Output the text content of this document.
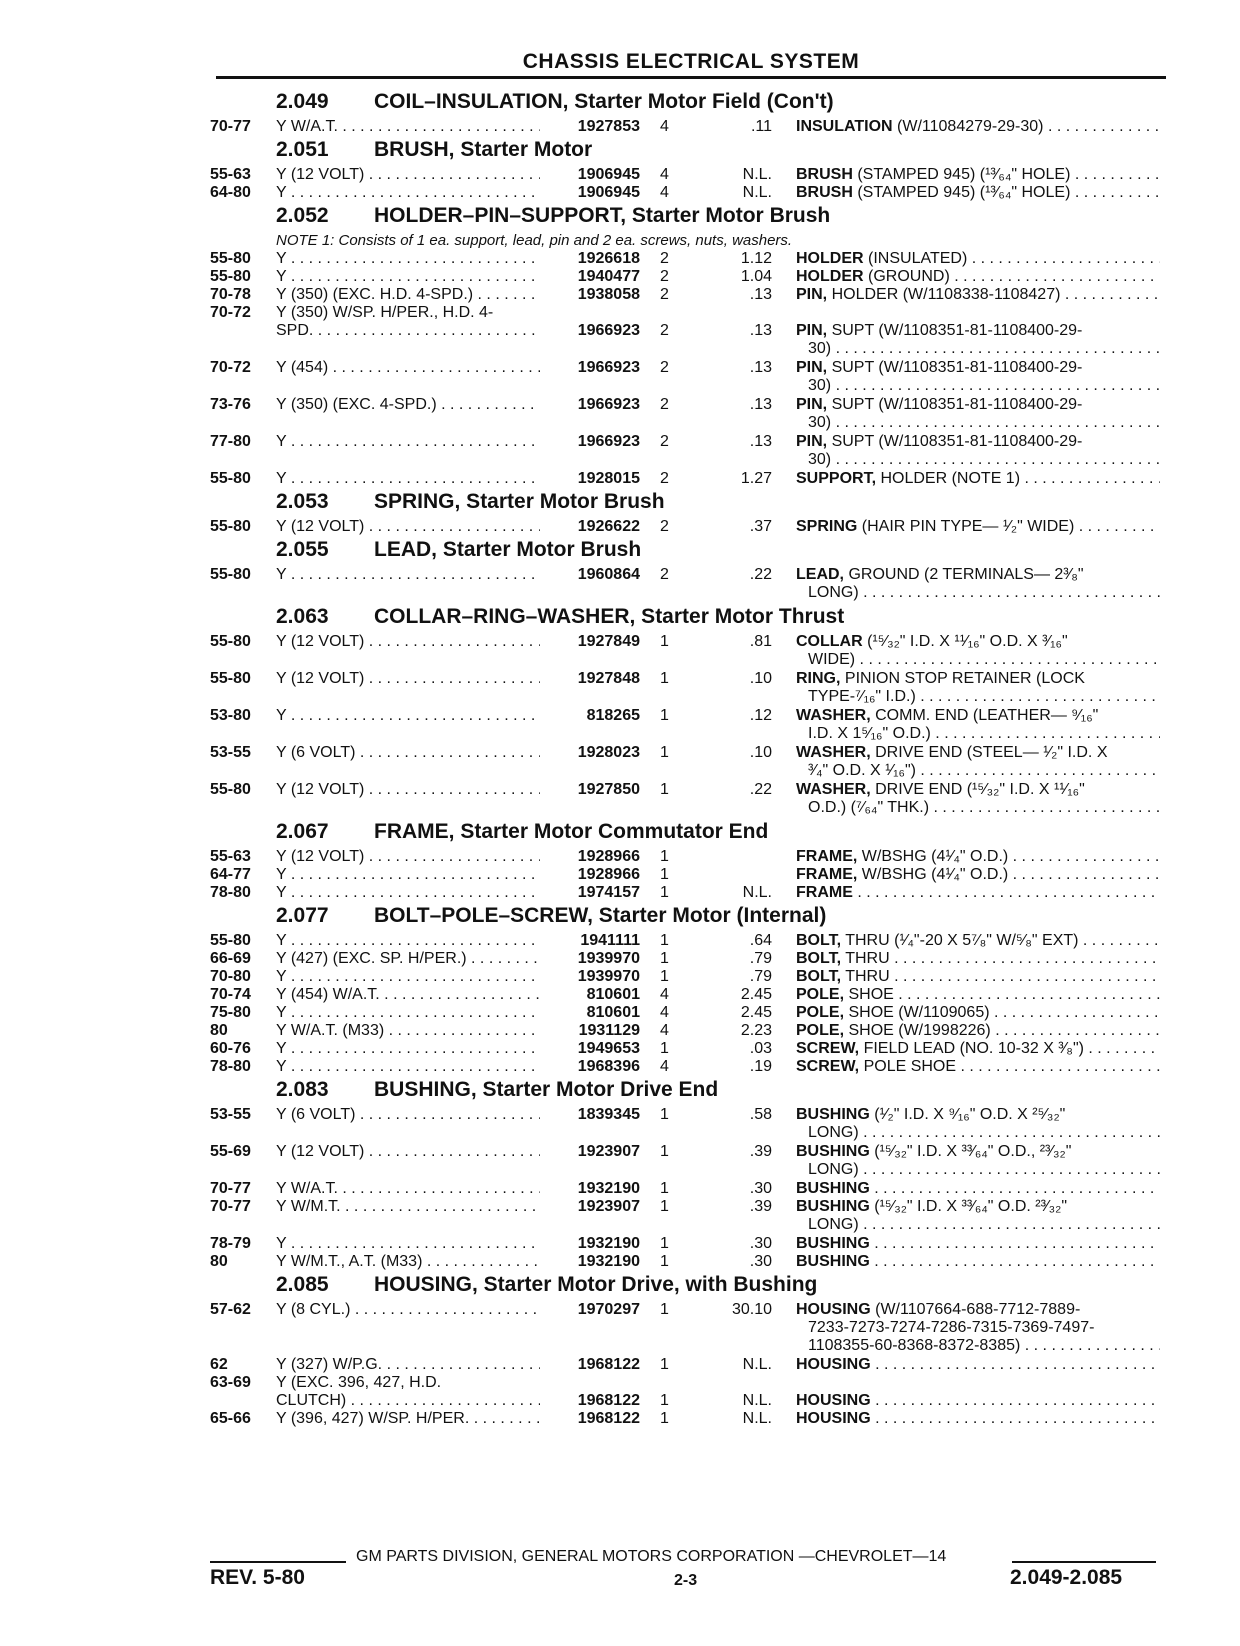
CHASSIS ELECTRICAL SYSTEM
2.049 COIL–INSULATION, Starter Motor Field (Con't)
70-77	Y W/A.T. . . .	1927853 4	.11 INSULATION (W/11084279-29-30) . . .
2.051 BRUSH, Starter Motor
55-63	Y (12 VOLT) . . .	1906945 4	N.L. BRUSH (STAMPED 945) (¹³⁄₆₄" HOLE) . . .
64-80	Y . . .	1906945 4	N.L. BRUSH (STAMPED 945) (¹³⁄₆₄" HOLE) . . .
2.052 HOLDER–PIN–SUPPORT, Starter Motor Brush
NOTE 1: Consists of 1 ea. support, lead, pin and 2 ea. screws, nuts, washers.
55-80	Y . . .	1926618 2	1.12 HOLDER (INSULATED) . . .
55-80	Y . . .	1940477 2	1.04 HOLDER (GROUND) . . .
70-78	Y (350) (EXC. H.D. 4-SPD.) . . .	1938058 2	.13 PIN, HOLDER (W/1108338-1108427) . . .
70-72	Y (350) W/SP. H/PER., H.D. 4-
SPD. . . .	1966923 2	.13 PIN, SUPT (W/1108351-81-1108400-29-
30) . . .
70-72	Y (454) . . .	1966923 2	.13 PIN, SUPT (W/1108351-81-1108400-29-
30) . . .
73-76	Y (350) (EXC. 4-SPD.) . . .	1966923 2	.13 PIN, SUPT (W/1108351-81-1108400-29-
30) . . .
77-80	Y . . .	1966923 2	.13 PIN, SUPT (W/1108351-81-1108400-29-
30) . . .
55-80	Y . . .	1928015 2	1.27 SUPPORT, HOLDER (NOTE 1) . . .
2.053 SPRING, Starter Motor Brush
55-80	Y (12 VOLT) . . .	1926622 2	.37 SPRING (HAIR PIN TYPE— ¹⁄₂" WIDE) . . .
2.055 LEAD, Starter Motor Brush
55-80	Y . . .	1960864 2	.22 LEAD, GROUND (2 TERMINALS— 2³⁄₈"
LONG) . . .
2.063 COLLAR–RING–WASHER, Starter Motor Thrust
55-80	Y (12 VOLT) . . .	1927849 1	.81 COLLAR (¹⁵⁄₃₂" I.D. X ¹¹⁄₁₆" O.D. X ³⁄₁₆"
WIDE) . . .
55-80	Y (12 VOLT) . . .	1927848 1	.10 RING, PINION STOP RETAINER (LOCK
TYPE-⁷⁄₁₆" I.D.) . . .
53-80	Y . . .	818265 1	.12 WASHER, COMM. END (LEATHER— ⁹⁄₁₆"
I.D. X 1⁵⁄₁₆" O.D.) . . .
53-55	Y (6 VOLT) . . .	1928023 1	.10 WASHER, DRIVE END (STEEL— ¹⁄₂" I.D. X
³⁄₄" O.D. X ¹⁄₁₆") . . .
55-80	Y (12 VOLT) . . .	1927850 1	.22 WASHER, DRIVE END (¹⁵⁄₃₂" I.D. X ¹¹⁄₁₆"
O.D.) (⁷⁄₆₄" THK.) . . .
2.067 FRAME, Starter Motor Commutator End
55-63	Y (12 VOLT) . . .	1928966 1	FRAME, W/BSHG (4¹⁄₄" O.D.) . . .
64-77	Y . . .	1928966 1	FRAME, W/BSHG (4¹⁄₄" O.D.) . . .
78-80	Y . . .	1974157 1	N.L. FRAME . . .
2.077 BOLT–POLE–SCREW, Starter Motor (Internal)
55-80	Y . . .	1941111 1	.64 BOLT, THRU (¹⁄₄"-20 X 5⁷⁄₈" W/⁵⁄₈" EXT) . . .
66-69	Y (427) (EXC. SP. H/PER.) . . .	1939970 1	.79 BOLT, THRU . . .
70-80	Y . . .	1939970 1	.79 BOLT, THRU . . .
70-74	Y (454) W/A.T. . . .	810601 4	2.45 POLE, SHOE . . .
75-80	Y . . .	810601 4	2.45 POLE, SHOE (W/1109065) . . .
80	Y W/A.T. (M33) . . .	1931129 4	2.23 POLE, SHOE (W/1998226) . . .
60-76	Y . . .	1949653 1	.03 SCREW, FIELD LEAD (NO. 10-32 X ³⁄₈") . . .
78-80	Y . . .	1968396 4	.19 SCREW, POLE SHOE . . .
2.083 BUSHING, Starter Motor Drive End
53-55	Y (6 VOLT) . . .	1839345 1	.58 BUSHING (¹⁄₂" I.D. X ⁹⁄₁₆" O.D. X ²⁵⁄₃₂"
LONG) . . .
55-69	Y (12 VOLT) . . .	1923907 1	.39 BUSHING (¹⁵⁄₃₂" I.D. X ³³⁄₆₄" O.D., ²³⁄₃₂"
LONG) . . .
70-77	Y W/A.T. . . .	1932190 1	.30 BUSHING . . .
70-77	Y W/M.T. . . .	1923907 1	.39 BUSHING (¹⁵⁄₃₂" I.D. X ³³⁄₆₄" O.D. ²³⁄₃₂"
LONG) . . .
78-79	Y . . .	1932190 1	.30 BUSHING . . .
80	Y W/M.T., A.T. (M33) . . .	1932190 1	.30 BUSHING . . .
2.085 HOUSING, Starter Motor Drive, with Bushing
57-62	Y (8 CYL.) . . .	1970297 1	30.10 HOUSING (W/1107664-688-7712-7889-
7233-7273-7274-7286-7315-7369-7497-
1108355-60-8368-8372-8385) . . .
62	Y (327) W/P.G. . . .	1968122 1	N.L. HOUSING . . .
63-69	Y (EXC. 396, 427, H.D.
CLUTCH) . . .	1968122 1	N.L. HOUSING . . .
65-66	Y (396, 427) W/SP. H/PER. . . .	1968122 1	N.L. HOUSING . . .
GM PARTS DIVISION, GENERAL MOTORS CORPORATION —CHEVROLET—14
REV. 5-80	2-3	2.049-2.085
